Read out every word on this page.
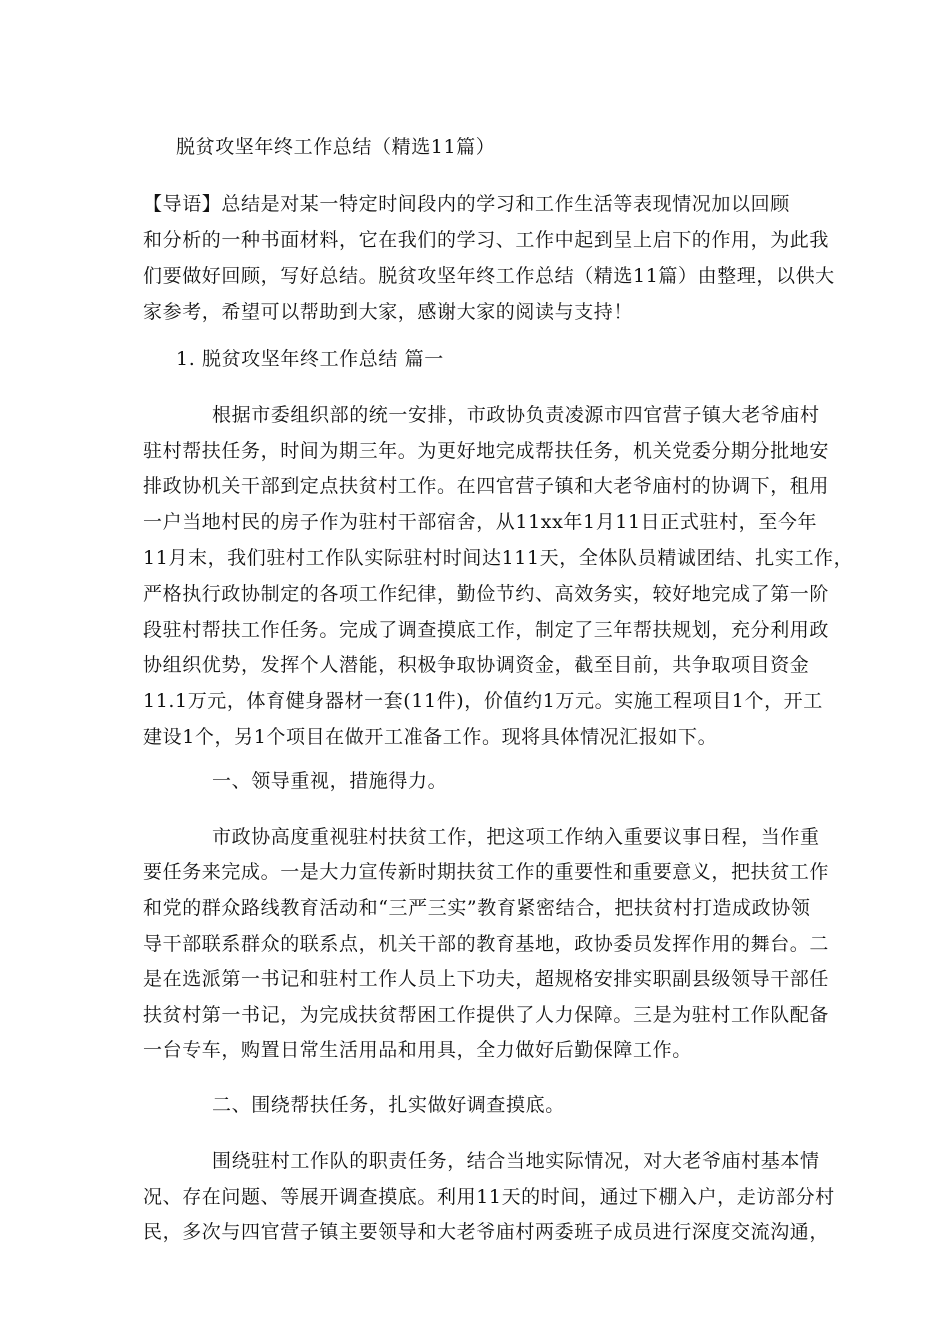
脱贫攻坚年终工作总结（精选11篇）
【导语】总结是对某一特定时间段内的学习和工作生活等表现情况加以回顾
和分析的一种书面材料，它在我们的学习、工作中起到呈上启下的作用，为此我
们要做好回顾，写好总结。脱贫攻坚年终工作总结（精选11篇）由整理，以供大
家参考，希望可以帮助到大家，感谢大家的阅读与支持！
1. 脱贫攻坚年终工作总结 篇一
根据市委组织部的统一安排，市政协负责凌源市四官营子镇大老爷庙村
驻村帮扶任务，时间为期三年。为更好地完成帮扶任务，机关党委分期分批地安
排政协机关干部到定点扶贫村工作。在四官营子镇和大老爷庙村的协调下，租用
一户当地村民的房子作为驻村干部宿舍，从11xx年1月11日正式驻村，至今年
11月末，我们驻村工作队实际驻村时间达111天，全体队员精诚团结、扎实工作，
严格执行政协制定的各项工作纪律，勤俭节约、高效务实，较好地完成了第一阶
段驻村帮扶工作任务。完成了调查摸底工作，制定了三年帮扶规划，充分利用政
协组织优势，发挥个人潜能，积极争取协调资金，截至目前，共争取项目资金
11.1万元，体育健身器材一套(11件)，价值约1万元。实施工程项目1个，开工
建设1个，另1个项目在做开工准备工作。现将具体情况汇报如下。
一、领导重视，措施得力。
市政协高度重视驻村扶贫工作，把这项工作纳入重要议事日程，当作重
要任务来完成。一是大力宣传新时期扶贫工作的重要性和重要意义，把扶贫工作
和党的群众路线教育活动和“三严三实”教育紧密结合，把扶贫村打造成政协领
导干部联系群众的联系点，机关干部的教育基地，政协委员发挥作用的舞台。二
是在选派第一书记和驻村工作人员上下功夫，超规格安排实职副县级领导干部任
扶贫村第一书记，为完成扶贫帮困工作提供了人力保障。三是为驻村工作队配备
一台专车，购置日常生活用品和用具，全力做好后勤保障工作。
二、围绕帮扶任务，扎实做好调查摸底。
围绕驻村工作队的职责任务，结合当地实际情况，对大老爷庙村基本情
况、存在问题、等展开调查摸底。利用11天的时间，通过下棚入户，走访部分村
民，多次与四官营子镇主要领导和大老爷庙村两委班子成员进行深度交流沟通，
